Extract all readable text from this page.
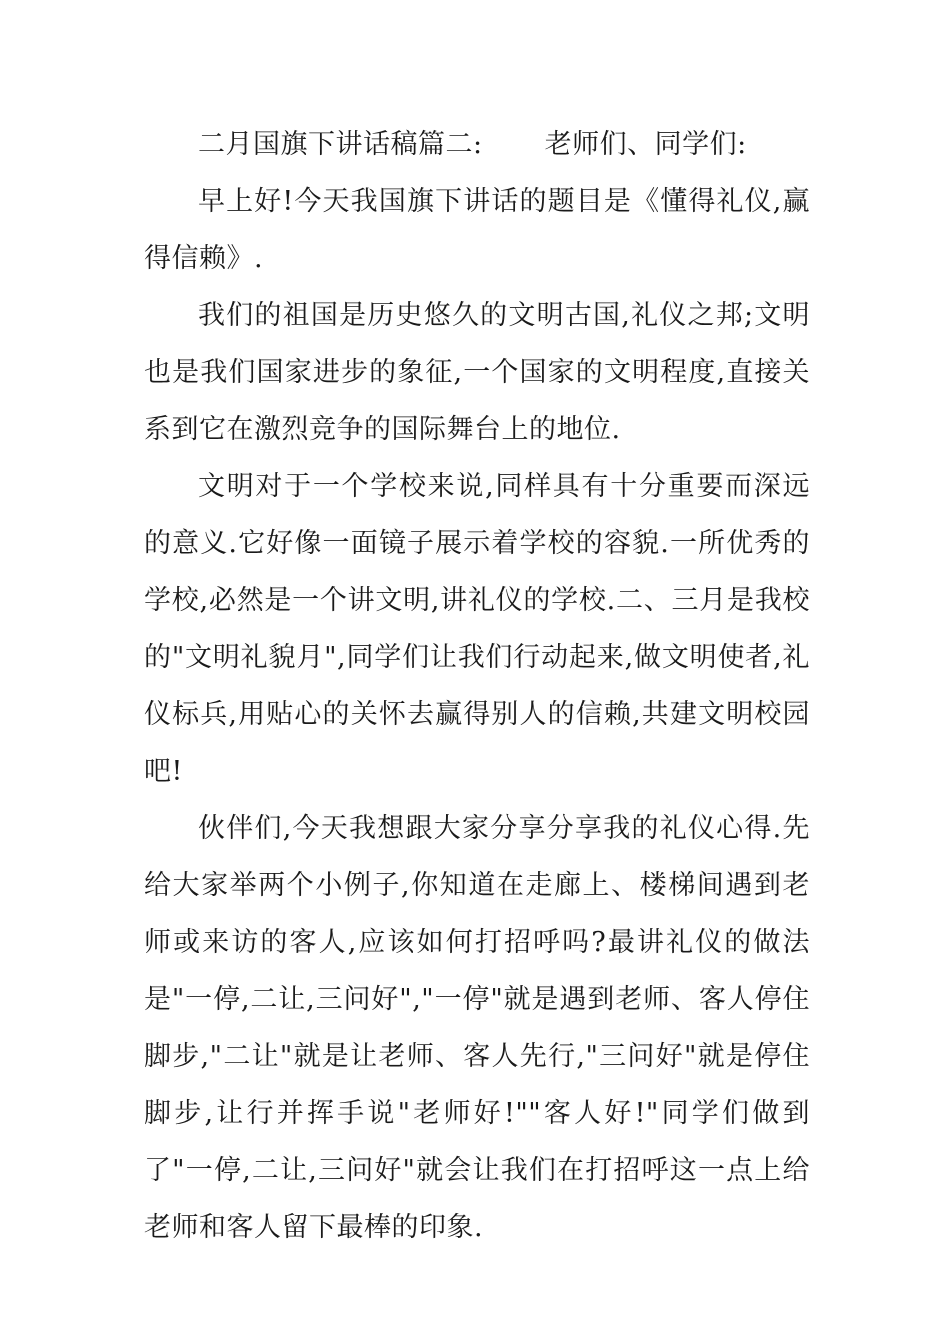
二月国旗下讲话稿篇二: 老师们、同学们:

早上好!今天我国旗下讲话的题目是《懂得礼仪,赢得信赖》.

我们的祖国是历史悠久的文明古国,礼仪之邦;文明也是我们国家进步的象征,一个国家的文明程度,直接关系到它在激烈竞争的国际舞台上的地位.

文明对于一个学校来说,同样具有十分重要而深远的意义.它好像一面镜子展示着学校的容貌.一所优秀的学校,必然是一个讲文明,讲礼仪的学校.二、三月是我校的"文明礼貌月",同学们让我们行动起来,做文明使者,礼仪标兵,用贴心的关怀去赢得别人的信赖,共建文明校园吧!

伙伴们,今天我想跟大家分享分享我的礼仪心得.先给大家举两个小例子,你知道在走廊上、楼梯间遇到老师或来访的客人,应该如何打招呼吗?最讲礼仪的做法是"一停,二让,三问好","一停"就是遇到老师、客人停住脚步,"二让"就是让老师、客人先行,"三问好"就是停住脚步,让行并挥手说"老师好!""客人好!"同学们做到了"一停,二让,三问好"就会让我们在打招呼这一点上给老师和客人留下最棒的印象.
